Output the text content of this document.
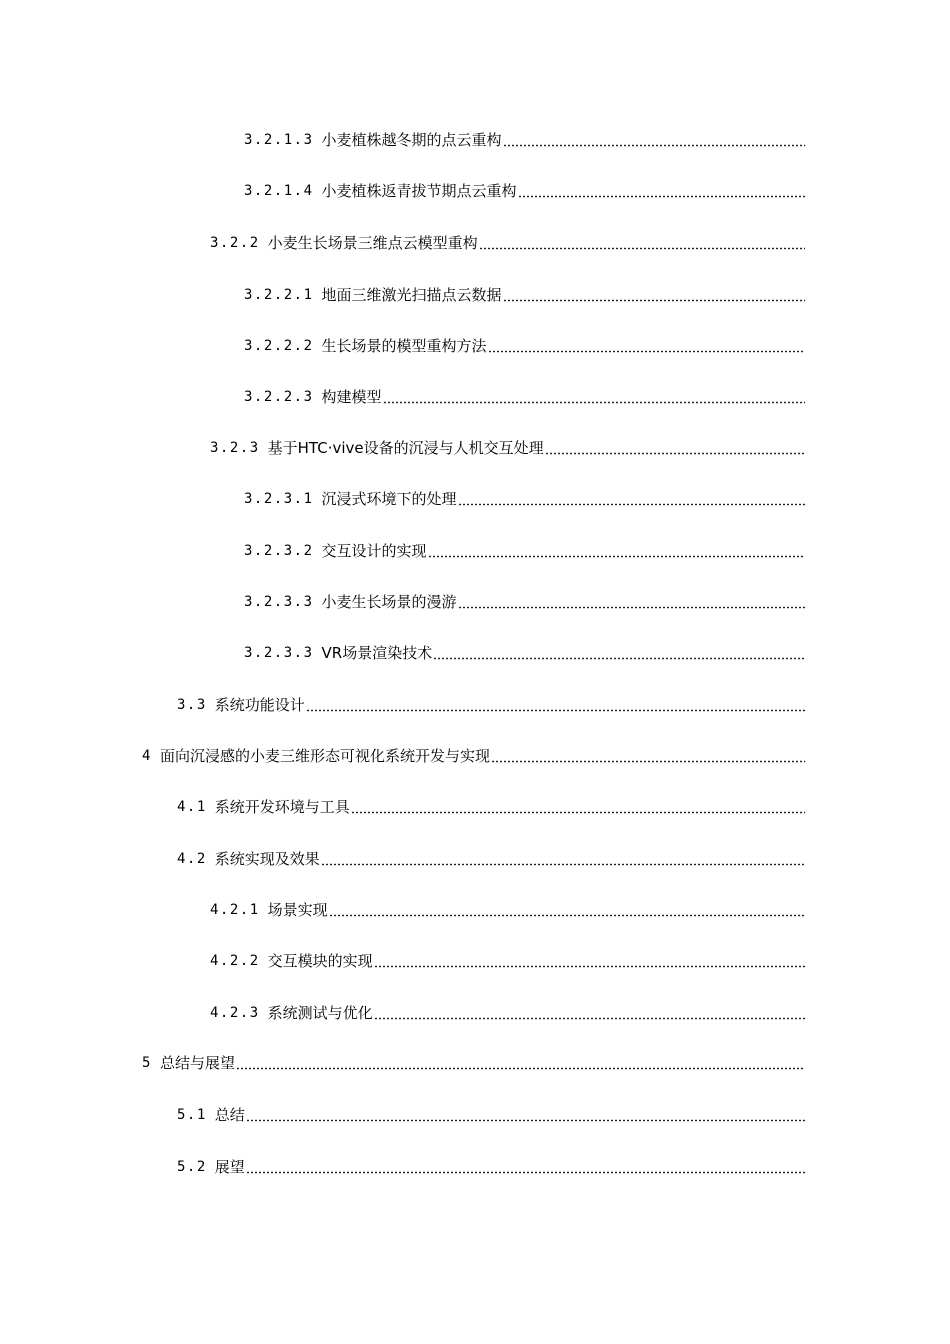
3.2.1.3 小麦植株越冬期的点云重构
3.2.1.4 小麦植株返青拔节期点云重构
3.2.2 小麦生长场景三维点云模型重构
3.2.2.1 地面三维激光扫描点云数据
3.2.2.2 生长场景的模型重构方法
3.2.2.3 构建模型
3.2.3 基于HTC·vive设备的沉浸与人机交互处理
3.2.3.1 沉浸式环境下的处理
3.2.3.2 交互设计的实现
3.2.3.3 小麦生长场景的漫游
3.2.3.3 VR场景渲染技术
3.3 系统功能设计
4 面向沉浸感的小麦三维形态可视化系统开发与实现
4.1 系统开发环境与工具
4.2 系统实现及效果
4.2.1 场景实现
4.2.2 交互模块的实现
4.2.3 系统测试与优化
5 总结与展望
5.1 总结
5.2 展望
